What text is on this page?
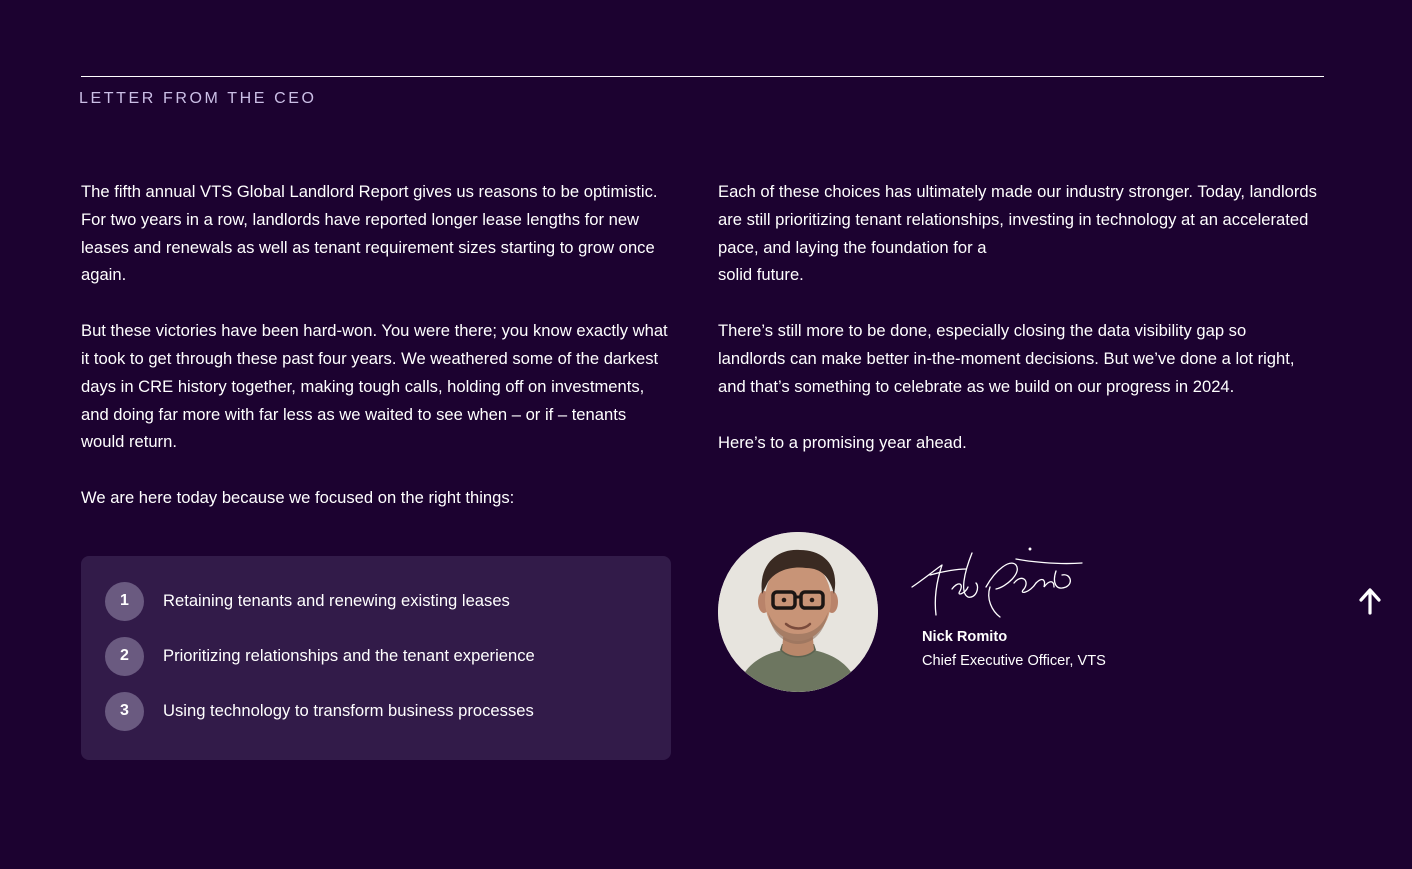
LETTER FROM THE CEO

The fifth annual VTS Global Landlord Report gives us reasons to be optimistic. For two years in a row, landlords have reported longer lease lengths for new leases and renewals as well as tenant requirement sizes starting to grow once again.

But these victories have been hard-won. You were there; you know exactly what it took to get through these past four years. We weathered some of the darkest days in CRE history together, making tough calls, holding off on investments, and doing far more with far less as we waited to see when – or if – tenants would return.

We are here today because we focused on the right things:

Each of these choices has ultimately made our industry stronger. Today, landlords are still prioritizing tenant relationships, investing in technology at an accelerated pace, and laying the foundation for a
solid future.

There’s still more to be done, especially closing the data visibility gap so landlords can make better in-the-moment decisions. But we’ve done a lot right, and that’s something to celebrate as we build on our progress in 2024.

Here’s to a promising year ahead.

1	Retaining tenants and renewing existing leases
2	Prioritizing relationships and the tenant experience
3	Using technology to transform business processes
Nick Romito
Chief Executive Officer, VTS
